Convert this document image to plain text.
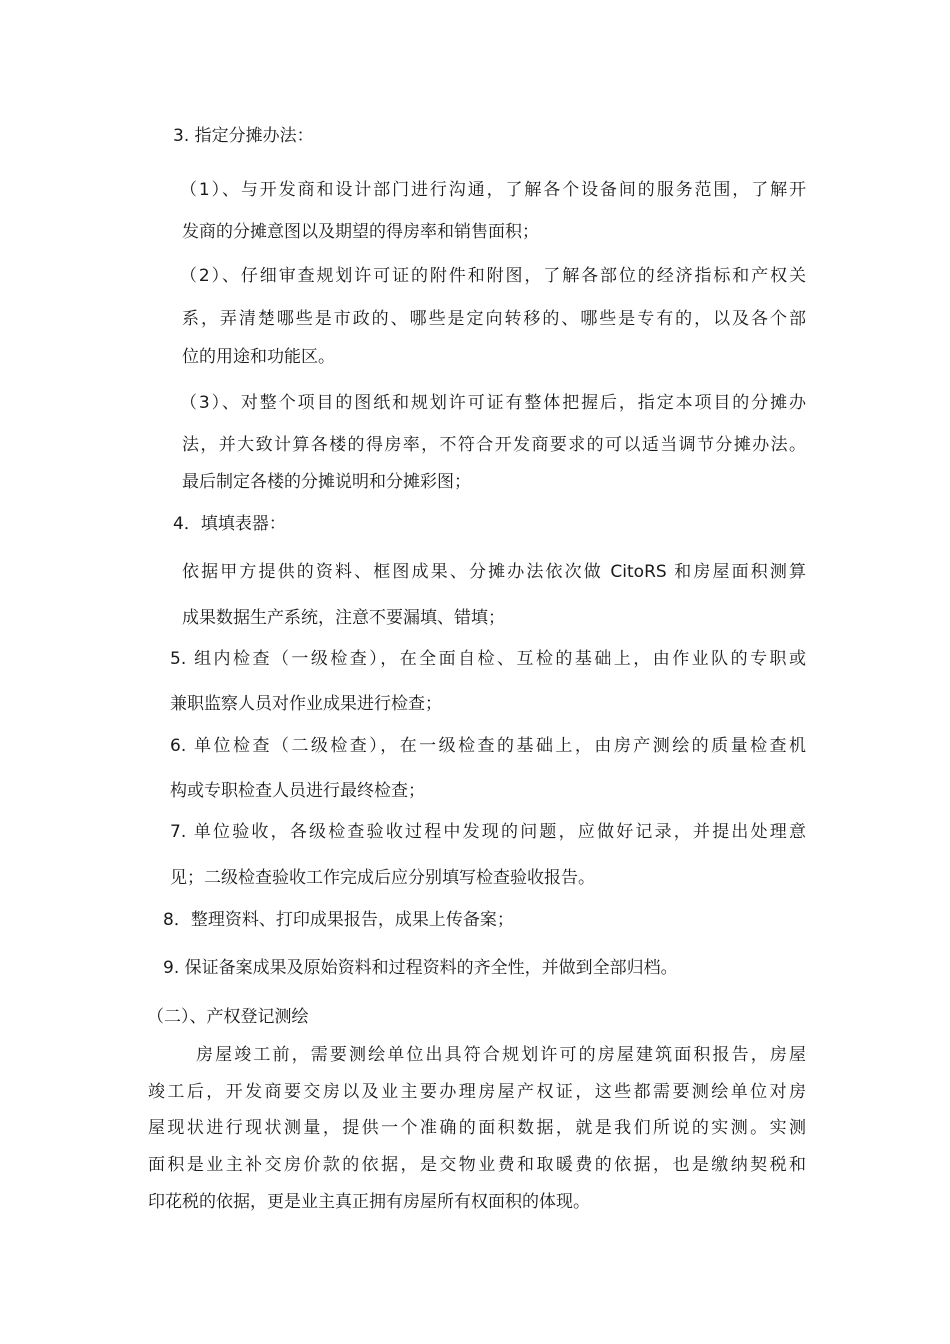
3. 指定分摊办法：

（1）、与开发商和设计部门进行沟通，了解各个设备间的服务范围，了解开

发商的分摊意图以及期望的得房率和销售面积；

（2）、仔细审查规划许可证的附件和附图，了解各部位的经济指标和产权关

系，弄清楚哪些是市政的、哪些是定向转移的、哪些是专有的，以及各个部

位的用途和功能区。

（3）、对整个项目的图纸和规划许可证有整体把握后，指定本项目的分摊办

法，并大致计算各楼的得房率，不符合开发商要求的可以适当调节分摊办法。

最后制定各楼的分摊说明和分摊彩图；

4．填填表器：

依据甲方提供的资料、框图成果、分摊办法依次做 CitoRS 和房屋面积测算

成果数据生产系统，注意不要漏填、错填；

5. 组内检查（一级检查），在全面自检、互检的基础上，由作业队的专职或

兼职监察人员对作业成果进行检查；

6. 单位检查（二级检查），在一级检查的基础上，由房产测绘的质量检查机

构或专职检查人员进行最终检查；

7. 单位验收，各级检查验收过程中发现的问题，应做好记录，并提出处理意

见；二级检查验收工作完成后应分别填写检查验收报告。

8．整理资料、打印成果报告，成果上传备案；

9. 保证备案成果及原始资料和过程资料的齐全性，并做到全部归档。

（二）、产权登记测绘

房屋竣工前，需要测绘单位出具符合规划许可的房屋建筑面积报告，房屋

竣工后，开发商要交房以及业主要办理房屋产权证，这些都需要测绘单位对房

屋现状进行现状测量，提供一个准确的面积数据，就是我们所说的实测。实测

面积是业主补交房价款的依据，是交物业费和取暖费的依据，也是缴纳契税和

印花税的依据，更是业主真正拥有房屋所有权面积的体现。
